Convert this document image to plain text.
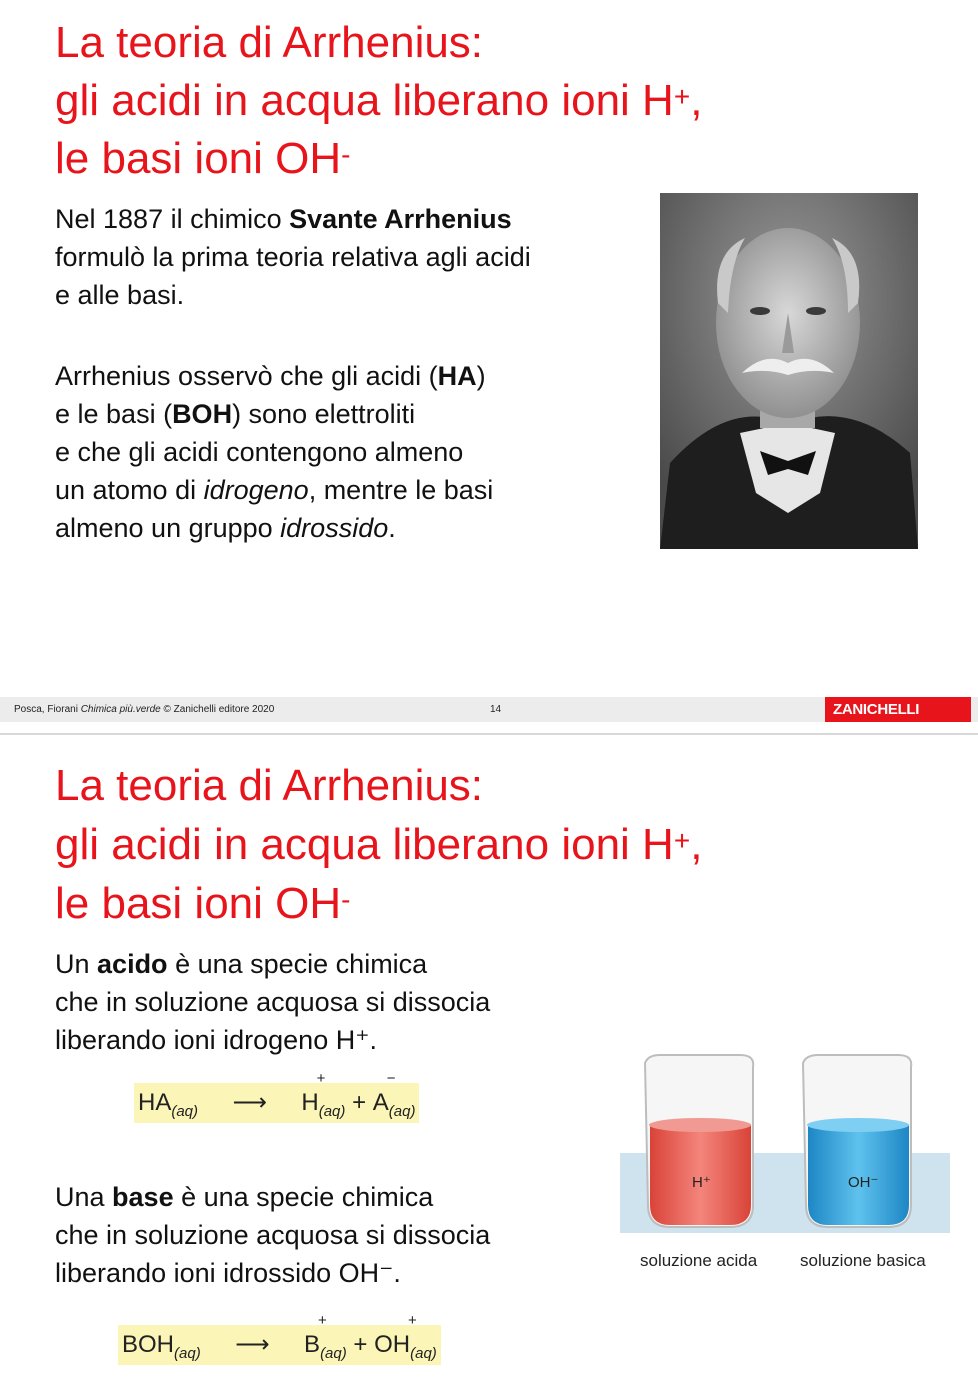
La teoria di Arrhenius:
gli acidi in acqua liberano ioni H+,
le basi ioni OH-

Nel 1887 il chimico Svante Arrhenius
formulò la prima teoria relativa agli acidi
e alle basi.

Arrhenius osservò che gli acidi (HA)
e le basi (BOH) sono elettroliti
e che gli acidi contengono almeno
un atomo di idrogeno, mentre le basi
almeno un gruppo idrossido.

Posca, Fiorani Chimica più.verde © Zanichelli editore 2020	14	ZANICHELLI
La teoria di Arrhenius:
gli acidi in acqua liberano ioni H+,
le basi ioni OH-

Un acido è una specie chimica
che in soluzione acquosa si dissocia
liberando ioni idrogeno H⁺.

$HA_{(aq)}$ ⟶ $H_{(aq)}$
+
+ $A_{(aq)}$
−

Una base è una specie chimica
che in soluzione acquosa si dissocia
liberando ioni idrossido OH⁻.

$BOH_{(aq)}$ ⟶ $B_{(aq)}$
+
+ $OH_{(aq)}$
+
H⁺	OH⁻
soluzione acida	soluzione basica
